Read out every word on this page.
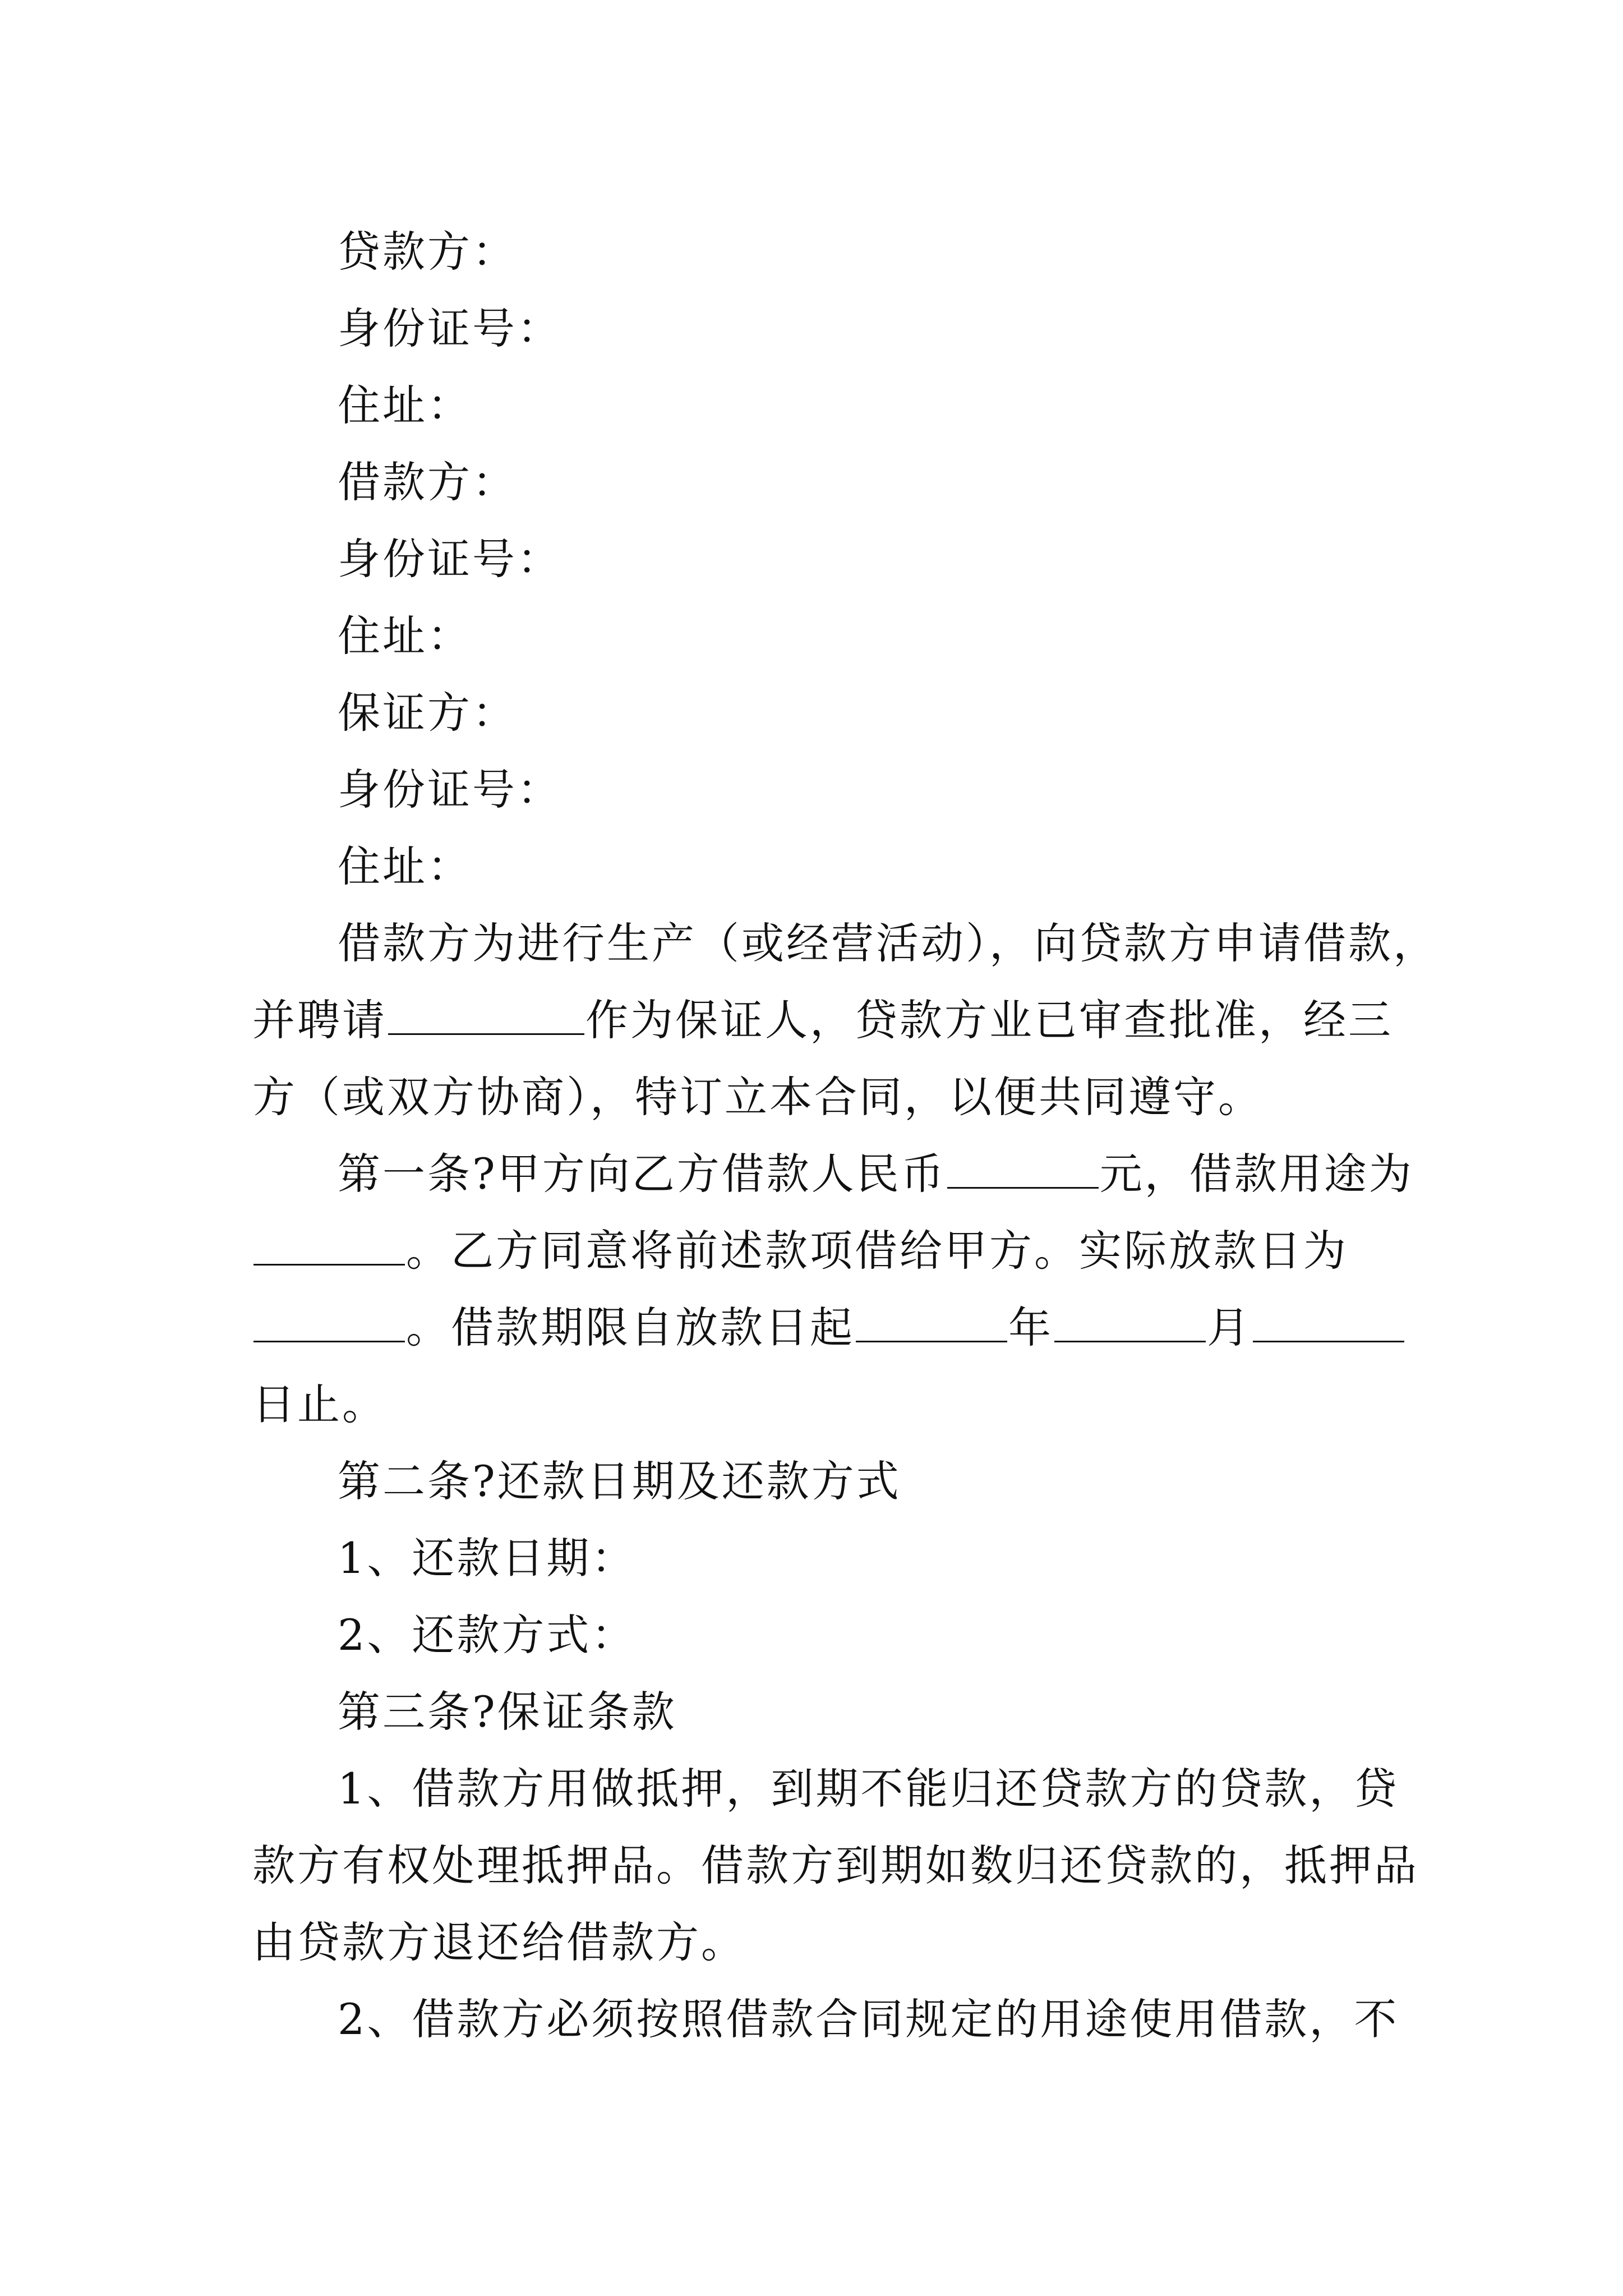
贷款方：
身份证号：
住址：
借款方：
身份证号：
住址：
保证方：
身份证号：
住址：
借款方为进行生产（或经营活动），向贷款方申请借款，
并聘请	作为保证人，贷款方业已审查批准，经三
方（或双方协商），特订立本合同，以便共同遵守。
第一条?甲方向乙方借款人民币	元，借款用途为
。乙方同意将前述款项借给甲方。实际放款日为
。借款期限自放款日起	年	月
日止。
第二条?还款日期及还款方式
1、还款日期：
2、还款方式：
第三条?保证条款
1、借款方用做抵押，到期不能归还贷款方的贷款，贷
款方有权处理抵押品。借款方到期如数归还贷款的，抵押品
由贷款方退还给借款方。
2、借款方必须按照借款合同规定的用途使用借款，不
